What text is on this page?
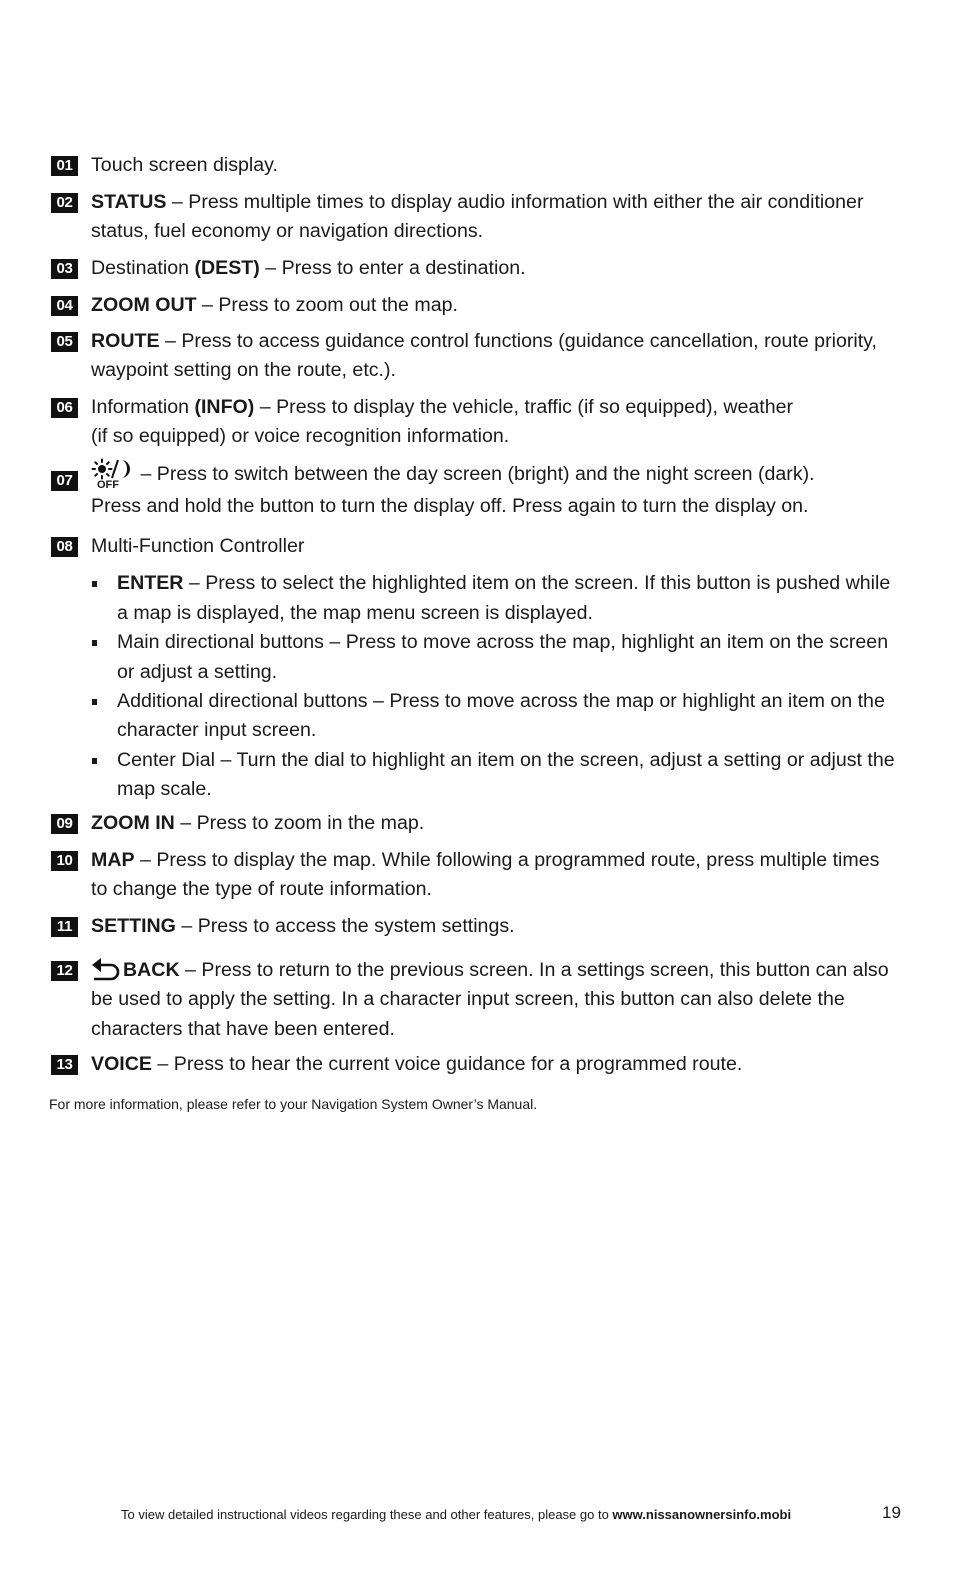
01 Touch screen display.
02 STATUS – Press multiple times to display audio information with either the air conditioner status, fuel economy or navigation directions.
03 Destination (DEST) – Press to enter a destination.
04 ZOOM OUT – Press to zoom out the map.
05 ROUTE – Press to access guidance control functions (guidance cancellation, route priority, waypoint setting on the route, etc.).
06 Information (INFO) – Press to display the vehicle, traffic (if so equipped), weather
(if so equipped) or voice recognition information.
07	OFF – Press to switch between the day screen (bright) and the night screen (dark).
Press and hold the button to turn the display off. Press again to turn the display on.
08 Multi-Function Controller
ENTER – Press to select the highlighted item on the screen. If this button is pushed while a map is displayed, the map menu screen is displayed.
Main directional buttons – Press to move across the map, highlight an item on the screen or adjust a setting.
Additional directional buttons – Press to move across the map or highlight an item on the character input screen.
Center Dial – Turn the dial to highlight an item on the screen, adjust a setting or adjust the map scale.
09 ZOOM IN – Press to zoom in the map.
10 MAP – Press to display the map. While following a programmed route, press multiple times to change the type of route information.
11 SETTING – Press to access the system settings.
12	BACK – Press to return to the previous screen. In a settings screen, this button can also be used to apply the setting. In a character input screen, this button can also delete the characters that have been entered.
13 VOICE – Press to hear the current voice guidance for a programmed route.
For more information, please refer to your Navigation System Owner’s Manual.
To view detailed instructional videos regarding these and other features, please go to www.nissanownersinfo.mobi	19
